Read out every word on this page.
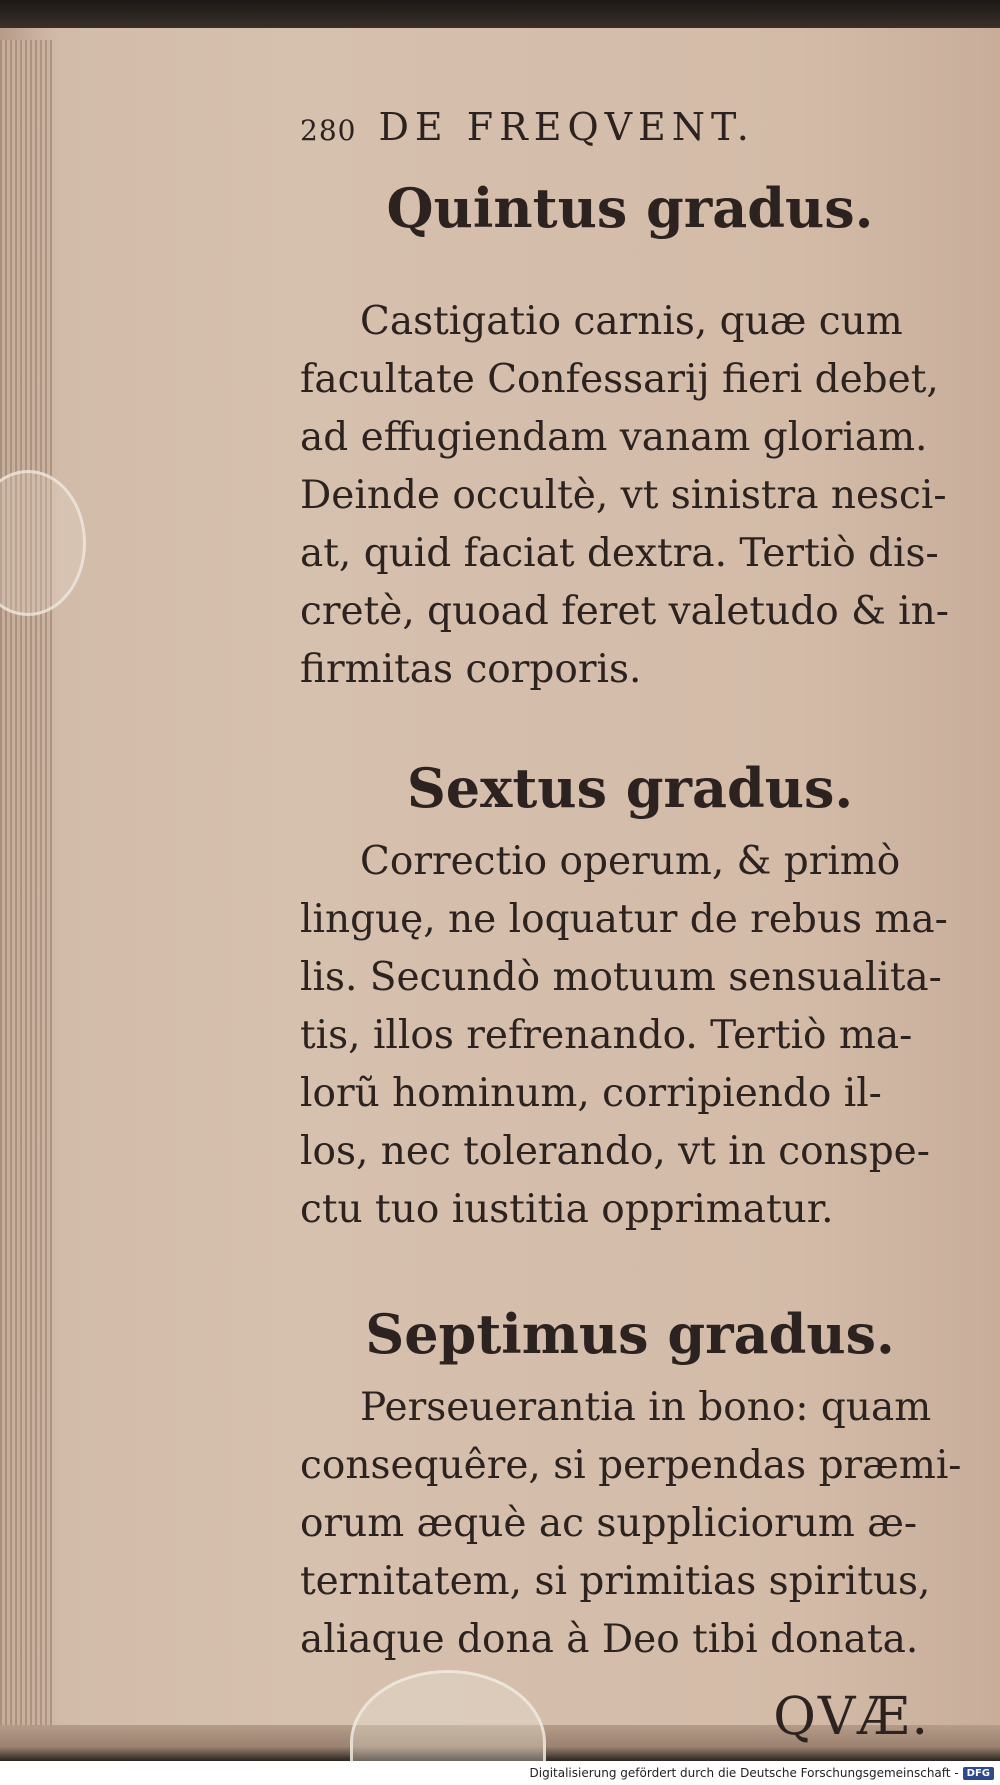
280 DE FREQVENT.
Quintus gradus.

Castigatio carnis, quæ cum
facultate Confessarij fieri debet,
ad effugiendam vanam gloriam.
Deinde occultè, vt sinistra nesci-
at, quid faciat dextra. Tertiò dis-
cretè, quoad feret valetudo & in-
firmitas corporis.

Sextus gradus.

Correctio operum, & primò
linguę, ne loquatur de rebus ma-
lis. Secundò motuum sensualita-
tis, illos refrenando. Tertiò ma-
lorũ hominum, corripiendo il-
los, nec tolerando, vt in conspe-
ctu tuo iustitia opprimatur.

Septimus gradus.

Perseuerantia in bono: quam
consequêre, si perpendas præmi-
orum æquè ac suppliciorum æ-
ternitatem, si primitias spiritus,
aliaque dona à Deo tibi donata.

QVÆ.
Digitalisierung gefördert durch die Deutsche Forschungsgemeinschaft - DFG
